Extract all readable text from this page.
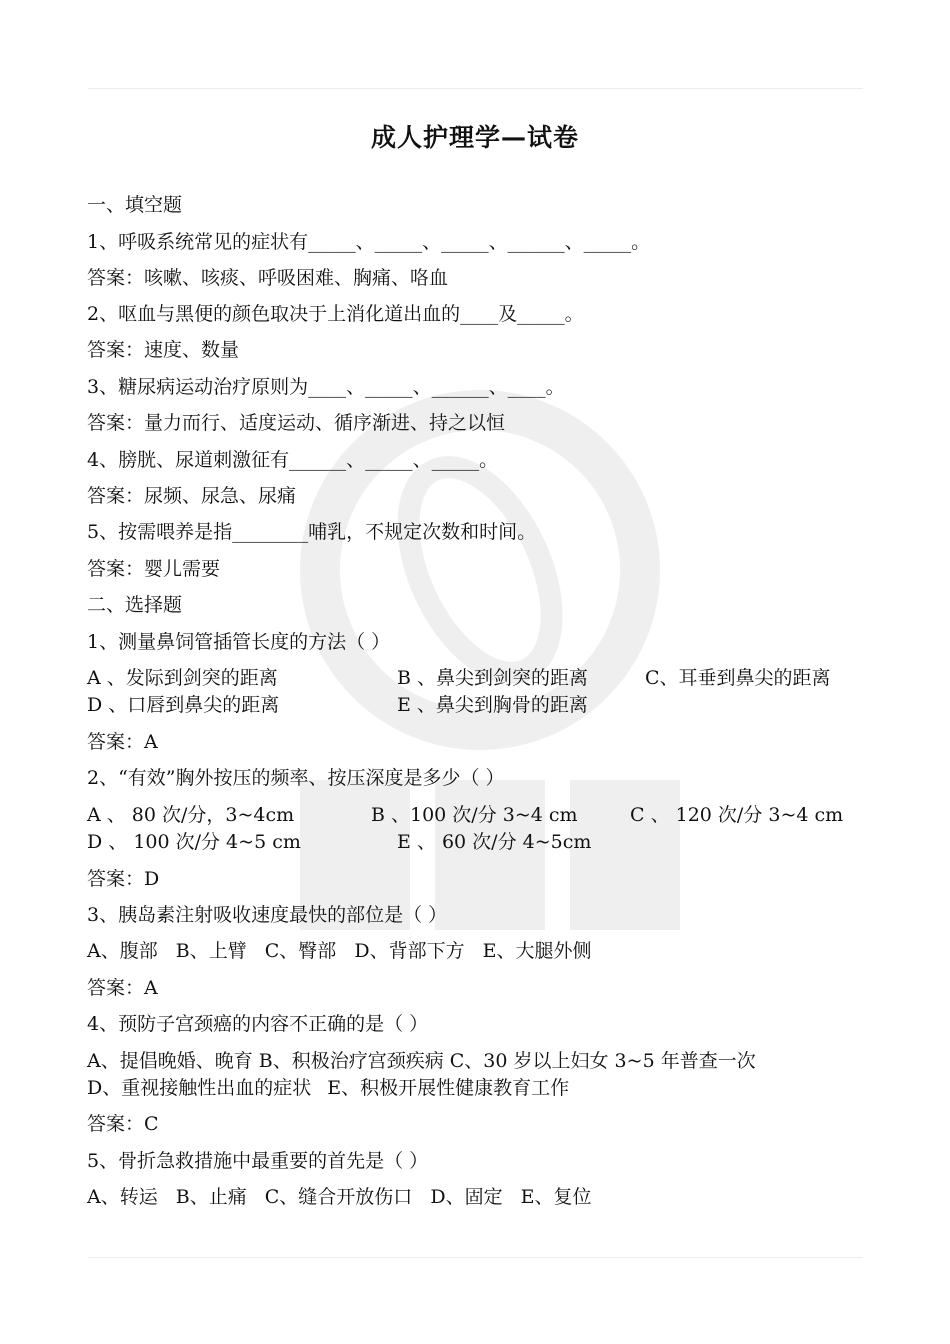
成人护理学—试卷
一、填空题
1、呼吸系统常见的症状有_____、_____、_____、______、_____。
答案：咳嗽、咳痰、呼吸困难、胸痛、咯血
2、呕血与黑便的颜色取决于上消化道出血的____及_____。
答案：速度、数量
3、糖尿病运动治疗原则为____、_____、______、____。
答案：量力而行、适度运动、循序渐进、持之以恒
4、膀胱、尿道刺激征有______、_____、_____。
答案：尿频、尿急、尿痛
5、按需喂养是指________哺乳，不规定次数和时间。
答案：婴儿需要
二、选择题
1、测量鼻饲管插管长度的方法（ ）
A 、发际到剑突的距离	B 、鼻尖到剑突的距离	C、耳垂到鼻尖的距离
D 、口唇到鼻尖的距离	E 、鼻尖到胸骨的距离
答案：A
2、“有效”胸外按压的频率、按压深度是多少（ ）
A 、 80 次/分，3~4cm	B 、100 次/分 3~4 cm	C 、 120 次/分 3~4 cm
D 、 100 次/分 4~5 cm	E 、 60 次/分 4~5cm
答案：D
3、胰岛素注射吸收速度最快的部位是（ ）
A、腹部 B、上臂 C、臀部 D、背部下方 E、大腿外侧
答案：A
4、预防子宫颈癌的内容不正确的是（ ）
A、提倡晚婚、晚育 B、积极治疗宫颈疾病 C、30 岁以上妇女 3~5 年普查一次
D、重视接触性出血的症状 E、积极开展性健康教育工作
答案：C
5、骨折急救措施中最重要的首先是（ ）
A、转运 B、止痛 C、缝合开放伤口 D、固定 E、复位
